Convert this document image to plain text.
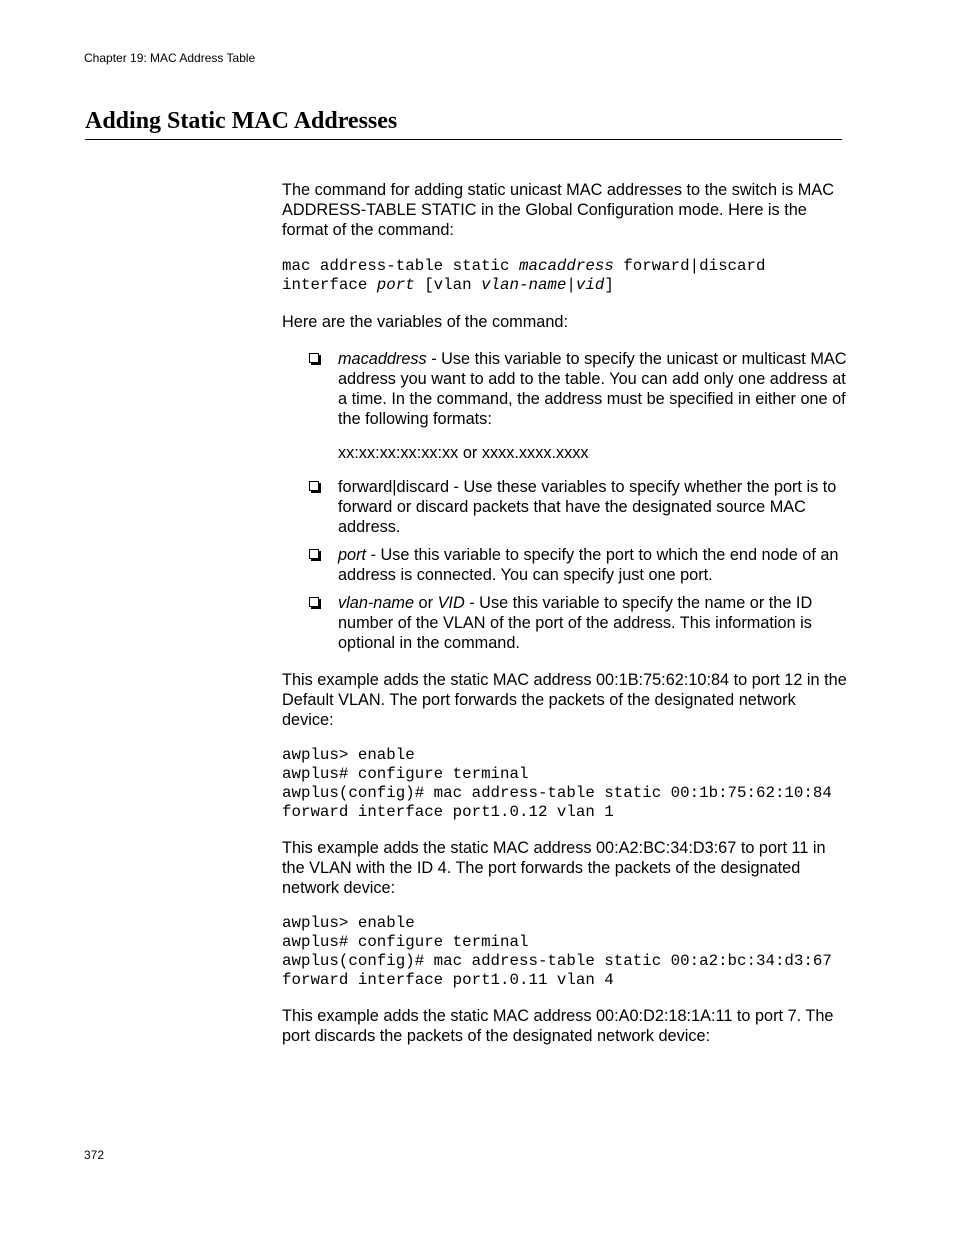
Chapter 19: MAC Address Table
Adding Static MAC Addresses

The command for adding static unicast MAC addresses to the switch is MAC ADDRESS-TABLE STATIC in the Global Configuration mode. Here is the format of the command:

mac address-table static macaddress forward|discard
interface port [vlan vlan-name|vid]

Here are the variables of the command:

macaddress - Use this variable to specify the unicast or multicast MAC address you want to add to the table. You can add only one address at a time. In the command, the address must be specified in either one of the following formats:
xx:xx:xx:xx:xx:xx or xxxx.xxxx.xxxx
forward|discard - Use these variables to specify whether the port is to forward or discard packets that have the designated source MAC address.
port - Use this variable to specify the port to which the end node of an address is connected. You can specify just one port.
vlan-name or VID - Use this variable to specify the name or the ID number of the VLAN of the port of the address. This information is optional in the command.

This example adds the static MAC address 00:1B:75:62:10:84 to port 12 in the Default VLAN. The port forwards the packets of the designated network device:

awplus> enable
awplus# configure terminal
awplus(config)# mac address-table static 00:1b:75:62:10:84
forward interface port1.0.12 vlan 1

This example adds the static MAC address 00:A2:BC:34:D3:67 to port 11 in the VLAN with the ID 4. The port forwards the packets of the designated network device:

awplus> enable
awplus# configure terminal
awplus(config)# mac address-table static 00:a2:bc:34:d3:67
forward interface port1.0.11 vlan 4

This example adds the static MAC address 00:A0:D2:18:1A:11 to port 7. The port discards the packets of the designated network device:

372
